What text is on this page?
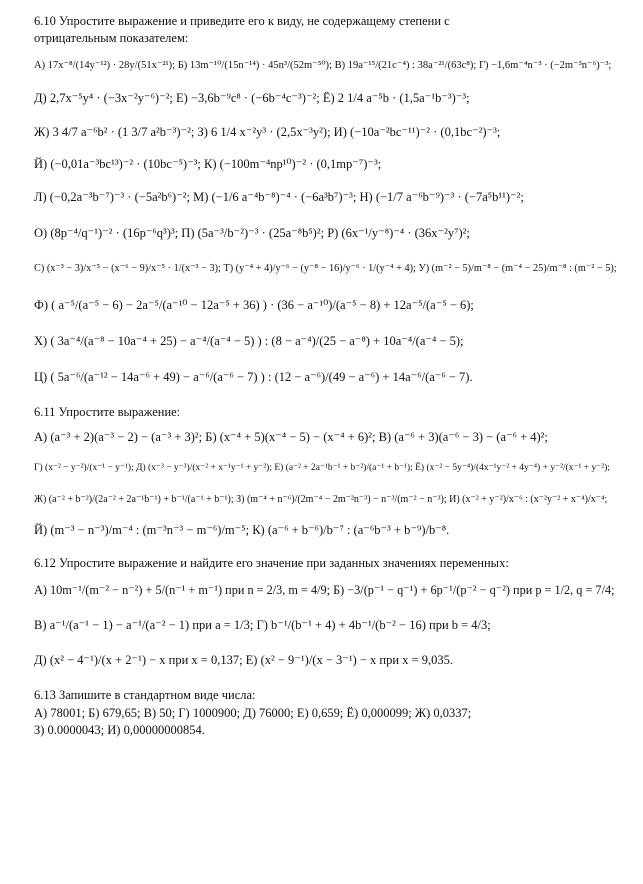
6.10 Упростите выражение и приведите его к виду, не содержащему степени с

отрицательным показателем:

А) 17x⁻⁸/(14y⁻¹²) · 28y/(51x⁻²¹); Б) 13m⁻¹⁰/(15n⁻¹⁴) · 45n³/(52m⁻⁵⁰); В) 19a⁻¹⁵/(21c⁻⁴) : 38a⁻²¹/(63c⁸); Г) −1,6m⁻⁴n⁻³ · (−2m⁻³n⁻⁶)⁻³;

Д) 2,7x⁻⁵y⁴ · (−3x⁻²y⁻⁶)⁻²; Е) −3,6b⁻⁹c⁸ · (−6b⁻⁴c⁻³)⁻²; Ё) 2 1/4 a⁻⁵b · (1,5a⁻¹b⁻³)⁻³;

Ж) 3 4/7 a⁻⁶b² · (1 3/7 a²b⁻³)⁻²; З) 6 1/4 x⁻²y³ · (2,5x⁻³y²); И) (−10a⁻²bc⁻¹¹)⁻² · (0,1bc⁻²)⁻³;

Й) (−0,01a⁻³bc¹³)⁻² · (10bc⁻⁵)⁻³; К) (−100m⁻⁴np¹⁰)⁻² · (0,1mp⁻⁷)⁻³;

Л) (−0,2a⁻³b⁻⁷)⁻³ · (−5a²b⁶)⁻²; М) (−1/6 a⁻⁴b⁻⁸)⁻⁴ · (−6a³b⁷)⁻³; Н) (−1/7 a⁻⁶b⁻⁹)⁻³ · (−7a⁵b¹¹)⁻²;

О) (8p⁻⁴/q⁻¹)⁻² · (16p⁻⁶q³)³; П) (5a⁻³/b⁻²)⁻³ · (25a⁻⁸b⁵)²; Р) (6x⁻¹/y⁻⁸)⁻⁴ · (36x⁻²y⁷)²;

С) (x⁻³ − 3)/x⁻⁵ − (x⁻⁶ − 9)/x⁻⁵ · 1/(x⁻³ − 3); Т) (y⁻⁴ + 4)/y⁻⁶ − (y⁻⁸ − 16)/y⁻⁶ · 1/(y⁻⁴ + 4); У) (m⁻² − 5)/m⁻⁸ − (m⁻⁴ − 25)/m⁻⁸ : (m⁻² − 5);

Ф) ( a⁻⁵/(a⁻⁵ − 6) − 2a⁻⁵/(a⁻¹⁰ − 12a⁻⁵ + 36) ) · (36 − a⁻¹⁰)/(a⁻⁵ − 8) + 12a⁻⁵/(a⁻⁵ − 6);

Х) ( 3a⁻⁴/(a⁻⁸ − 10a⁻⁴ + 25) − a⁻⁴/(a⁻⁴ − 5) ) : (8 − a⁻⁴)/(25 − a⁻⁸) + 10a⁻⁴/(a⁻⁴ − 5);

Ц) ( 5a⁻⁶/(a⁻¹² − 14a⁻⁶ + 49) − a⁻⁶/(a⁻⁶ − 7) ) : (12 − a⁻⁶)/(49 − a⁻⁶) + 14a⁻⁶/(a⁻⁶ − 7).

6.11 Упростите выражение:

А) (a⁻³ + 2)(a⁻³ − 2) − (a⁻³ + 3)²; Б) (x⁻⁴ + 5)(x⁻⁴ − 5) − (x⁻⁴ + 6)²; В) (a⁻⁶ + 3)(a⁻⁶ − 3) − (a⁻⁶ + 4)²;

Г) (x⁻² − y⁻²)/(x⁻¹ − y⁻¹); Д) (x⁻³ − y⁻³)/(x⁻² + x⁻¹y⁻¹ + y⁻²); Е) (a⁻² + 2a⁻¹b⁻¹ + b⁻²)/(a⁻¹ + b⁻¹); Ё) (x⁻² − 5y⁻⁴)/(4x⁻¹y⁻² + 4y⁻⁴) + y⁻²/(x⁻¹ + y⁻²);

Ж) (a⁻² + b⁻²)/(2a⁻² + 2a⁻¹b⁻¹) + b⁻¹/(a⁻¹ + b⁻¹); З) (m⁻⁴ + n⁻⁶)/(2m⁻⁴ − 2m⁻²n⁻³) − n⁻³/(m⁻² − n⁻³); И) (x⁻² + y⁻²)/x⁻⁶ : (x⁻²y⁻² + x⁻⁴)/x⁻⁴;

Й) (m⁻³ − n⁻³)/m⁻⁴ : (m⁻³n⁻³ − m⁻⁶)/m⁻⁵; К) (a⁻⁶ + b⁻⁶)/b⁻⁷ : (a⁻⁶b⁻³ + b⁻⁹)/b⁻⁸.

6.12 Упростите выражение и найдите его значение при заданных значениях переменных:

А) 10m⁻¹/(m⁻² − n⁻²) + 5/(n⁻¹ + m⁻¹) при n = 2/3, m = 4/9; Б) −3/(p⁻¹ − q⁻¹) + 6p⁻¹/(p⁻² − q⁻²) при p = 1/2, q = 7/4;

В) a⁻¹/(a⁻¹ − 1) − a⁻¹/(a⁻² − 1) при a = 1/3; Г) b⁻¹/(b⁻¹ + 4) + 4b⁻¹/(b⁻² − 16) при b = 4/3;

Д) (x² − 4⁻¹)/(x + 2⁻¹) − x при x = 0,137; Е) (x² − 9⁻¹)/(x − 3⁻¹) − x при x = 9,035.

6.13 Запишите в стандартном виде числа:

А) 78001; Б) 679,65; В) 50; Г) 1000900; Д) 76000; Е) 0,659; Ё) 0,000099; Ж) 0,0337;

З) 0.0000043; И) 0,00000000854.
